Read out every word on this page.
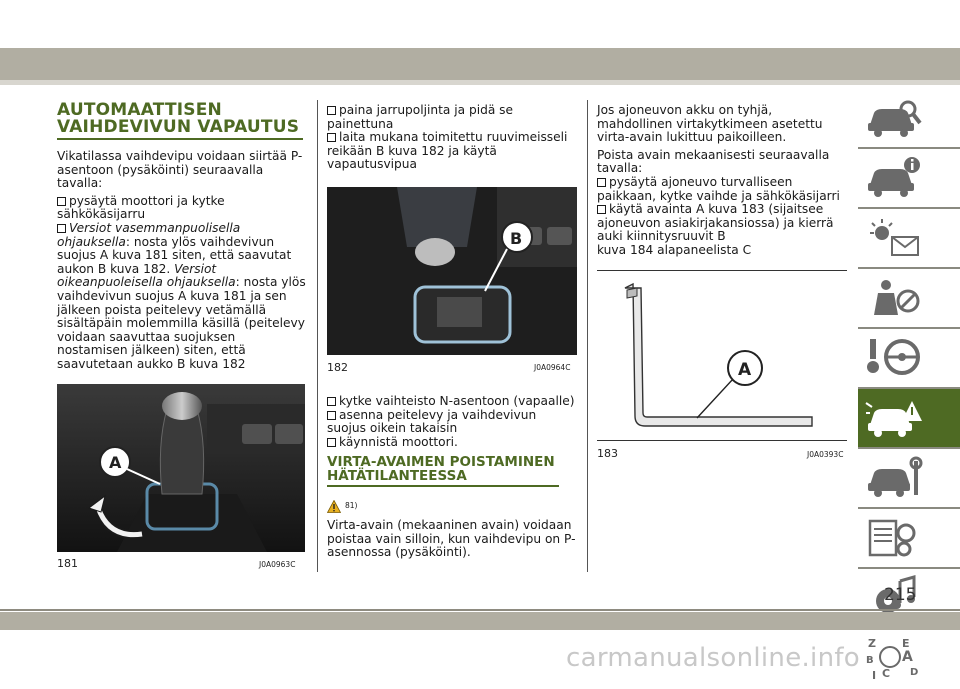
AUTOMAATTISEN
VAIHDEVIVUN VAPAUTUS

Vikatilassa vaihdevipu voidaan siirtää P-asentoon (pysäköinti) seuraavalla tavalla:

pysäytä moottori ja kytke sähkökäsijarru

Versiot vasemmanpuolisella ohjauksella: nosta ylös vaihdevivun suojus A kuva 181 siten, että saavutat aukon B kuva 182. Versiot oikeanpuoleisella ohjauksella: nosta ylös vaihdevivun suojus A kuva 181 ja sen jälkeen poista peitelevy vetämällä sisältäpäin molemmilla käsillä (peitelevy voidaan saavuttaa suojuksen nostamisen jälkeen) siten, että saavutetaan aukko B kuva 182

A
181	J0A0963C

paina jarrupoljinta ja pidä se painettuna

laita mukana toimitettu ruuvimeisseli reikään B kuva 182 ja käytä vapautusvipua

B
182	J0A0964C

kytke vaihteisto N-asentoon (vapaalle)

asenna peitelevy ja vaihdevivun suojus oikein takaisin

käynnistä moottori.

VIRTA-AVAIMEN POISTAMINEN
HÄTÄTILANTEESSA
81)

Virta-avain (mekaaninen avain) voidaan poistaa vain silloin, kun vaihdevipu on P-asennossa (pysäköinti).

Jos ajoneuvon akku on tyhjä, mahdollinen virtakytkimeen asetettu virta-avain lukittuu paikoilleen.

Poista avain mekaanisesti seuraavalla tavalla:

pysäytä ajoneuvo turvalliseen paikkaan, kytke vaihde ja sähkökäsijarri

käytä avainta A kuva 183 (sijaitsee ajoneuvon asiakirjakansiossa) ja kierrä auki kiinnitysruuvit B

kuva 184 alapaneelista C

A
183	J0A0393C
Z E
B A
C D
I
215
carmanualsonline.info
